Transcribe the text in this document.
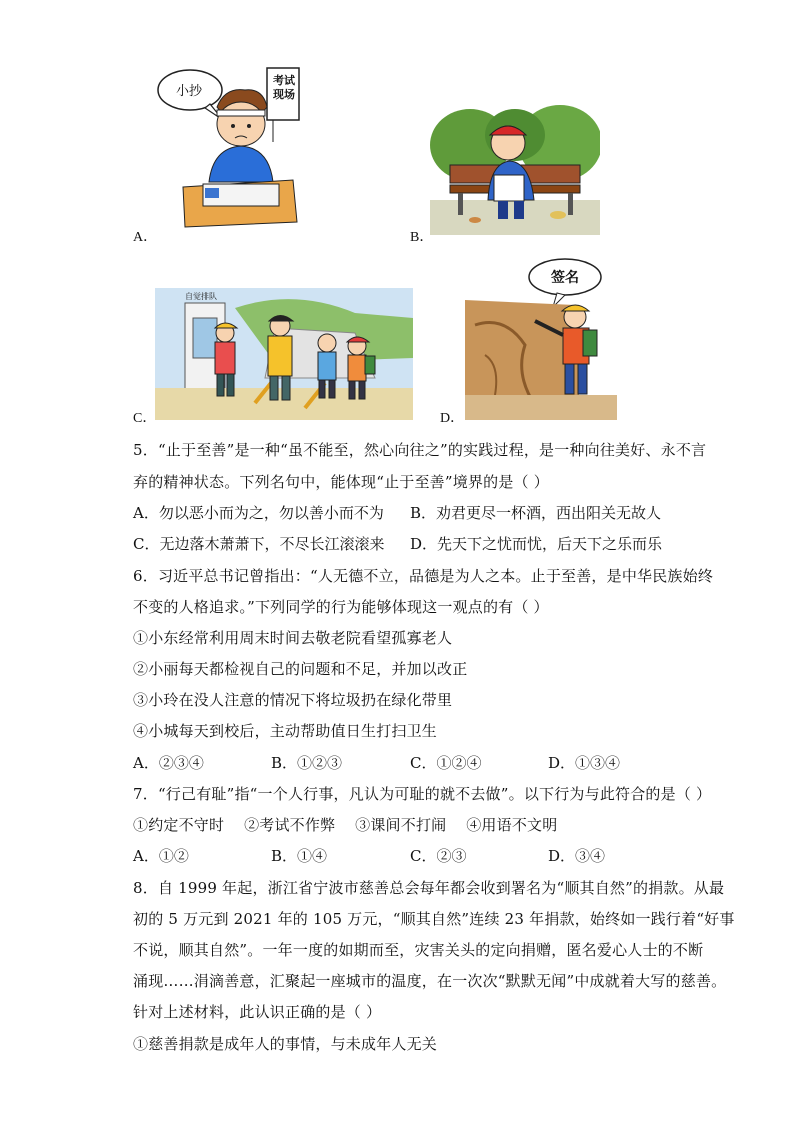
小抄
考试现场
A．	B．
自觉排队
C．
签名
D．
5．“止于至善”是一种“虽不能至，然心向往之”的实践过程，是一种向往美好、永不言
弃的精神状态。下列名句中，能体现“止于至善”境界的是（ ）
A．勿以恶小而为之，勿以善小而不为 B．劝君更尽一杯酒，西出阳关无故人
C．无边落木萧萧下，不尽长江滚滚来 D．先天下之忧而忧，后天下之乐而乐
6．习近平总书记曾指出：“人无德不立，品德是为人之本。止于至善，是中华民族始终
不变的人格追求。”下列同学的行为能够体现这一观点的有（ ）
①小东经常利用周末时间去敬老院看望孤寡老人
②小丽每天都检视自己的问题和不足，并加以改正
③小玲在没人注意的情况下将垃圾扔在绿化带里
④小城每天到校后，主动帮助值日生打扫卫生
A．②③④	B．①②③	C．①②④	D．①③④
7．“行己有耻”指“一个人行事，凡认为可耻的就不去做”。以下行为与此符合的是（ ）
①约定不守时    ②考试不作弊    ③课间不打闹    ④用语不文明
A．①②	B．①④	C．②③	D．③④
8．自 1999 年起，浙江省宁波市慈善总会每年都会收到署名为“顺其自然”的捐款。从最
初的 5 万元到 2021 年的 105 万元，“顺其自然”连续 23 年捐款，始终如一践行着“好事
不说，顺其自然”。一年一度的如期而至，灾害关头的定向捐赠，匿名爱心人士的不断
涌现……涓滴善意，汇聚起一座城市的温度，在一次次“默默无闻”中成就着大写的慈善。
针对上述材料，此认识正确的是（ ）
①慈善捐款是成年人的事情，与未成年人无关
